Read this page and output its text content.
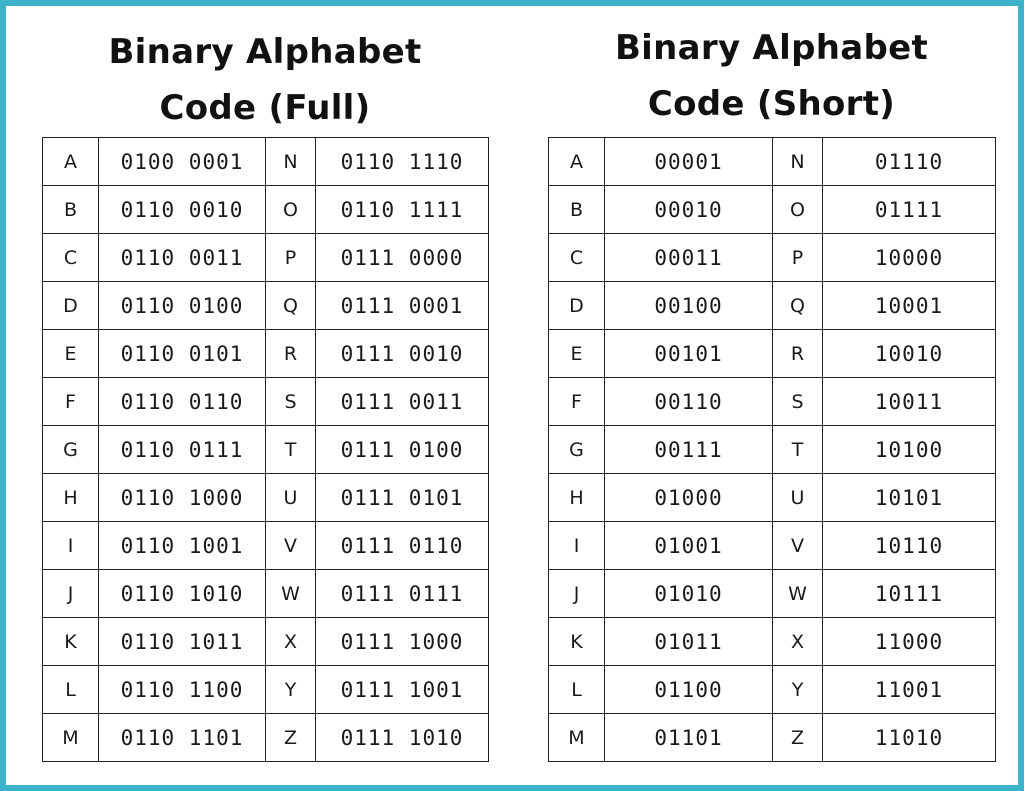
Binary Alphabet
Code (Full)
Binary Alphabet
Code (Short)
A	0100 0001	N	0110 1110
B	0110 0010	O	0110 1111
C	0110 0011	P	0111 0000
D	0110 0100	Q	0111 0001
E	0110 0101	R	0111 0010
F	0110 0110	S	0111 0011
G	0110 0111	T	0111 0100
H	0110 1000	U	0111 0101
I	0110 1001	V	0111 0110
J	0110 1010	W	0111 0111
K	0110 1011	X	0111 1000
L	0110 1100	Y	0111 1001
M	0110 1101	Z	0111 1010
A	00001	N	01110
B	00010	O	01111
C	00011	P	10000
D	00100	Q	10001
E	00101	R	10010
F	00110	S	10011
G	00111	T	10100
H	01000	U	10101
I	01001	V	10110
J	01010	W	10111
K	01011	X	11000
L	01100	Y	11001
M	01101	Z	11010
